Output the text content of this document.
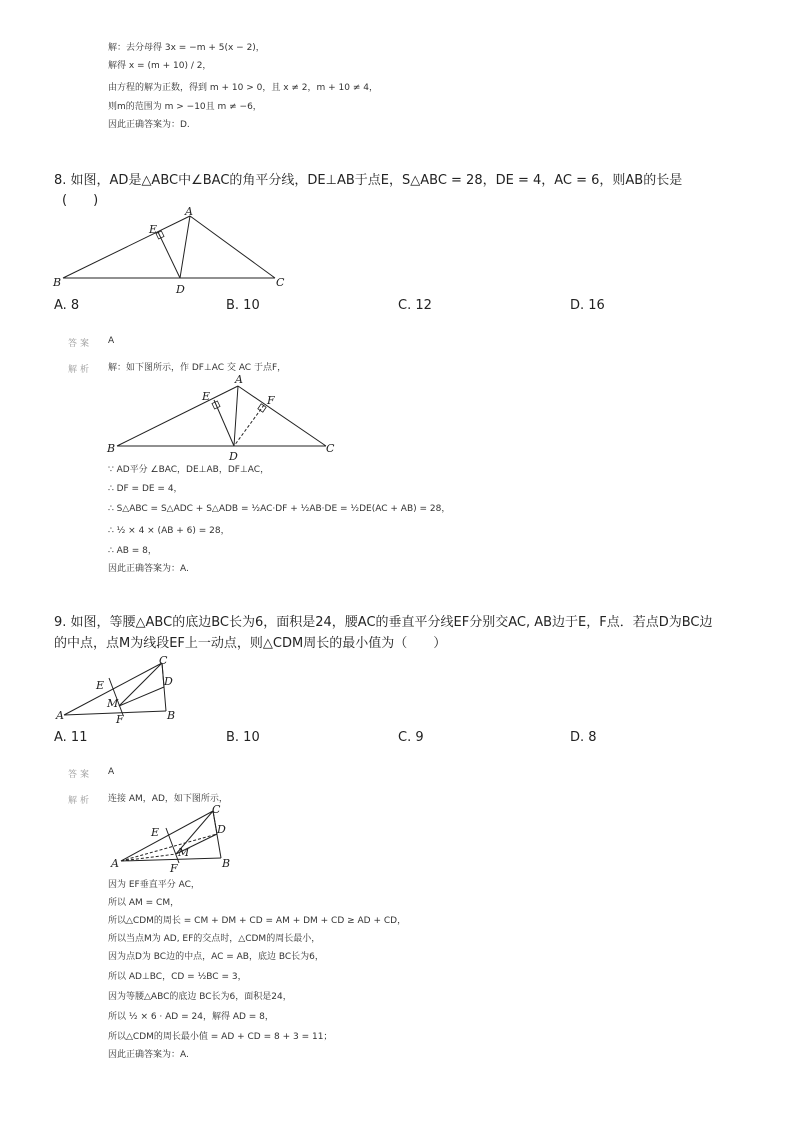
解：去分母得 3x = −m + 5(x − 2)，
解得 x = (m + 10) / 2，
由方程的解为正数，得到 m + 10 > 0，且 x ≠ 2，m + 10 ≠ 4，
则m的范围为 m > −10且 m ≠ −6，
因此正确答案为：D.
8. 如图，AD是△ABC中∠BAC的角平分线，DE⊥AB于点E，S△ABC = 28，DE = 4，AC = 6，则AB的长是
(　　)
A
B	C
D
E
A. 8	B. 10	C. 12	D. 16
答案 A
解析 解：如下图所示，作 DF⊥AC 交 AC 于点F，
A
B	C
D
E	F
∵ AD平分 ∠BAC，DE⊥AB，DF⊥AC，
∴ DF = DE = 4，
∴ S△ABC = S△ADC + S△ADB = ½AC·DF + ½AB·DE = ½DE(AC + AB) = 28，
∴ ½ × 4 × (AB + 6) = 28，
∴ AB = 8，
因此正确答案为：A.
9. 如图，等腰△ABC的底边BC长为6，面积是24，腰AC的垂直平分线EF分别交AC, AB边于E，F点．若点D为BC边
的中点，点M为线段EF上一动点，则△CDM周长的最小值为（　　）
C
D
E
M
A	F	B
A. 11	B. 10	C. 9	D. 8
答案 A
解析 连接 AM，AD，如下图所示，
C
D
E
M
A	F	B
因为 EF垂直平分 AC，
所以 AM = CM，
所以△CDM的周长 = CM + DM + CD = AM + DM + CD ≥ AD + CD，
所以当点M为 AD, EF的交点时，△CDM的周长最小，
因为点D为 BC边的中点，AC = AB，底边 BC长为6，
所以 AD⊥BC，CD = ½BC = 3，
因为等腰△ABC的底边 BC长为6，面积是24，
所以 ½ × 6 · AD = 24，解得 AD = 8，
所以△CDM的周长最小值 = AD + CD = 8 + 3 = 11；
因此正确答案为：A.
